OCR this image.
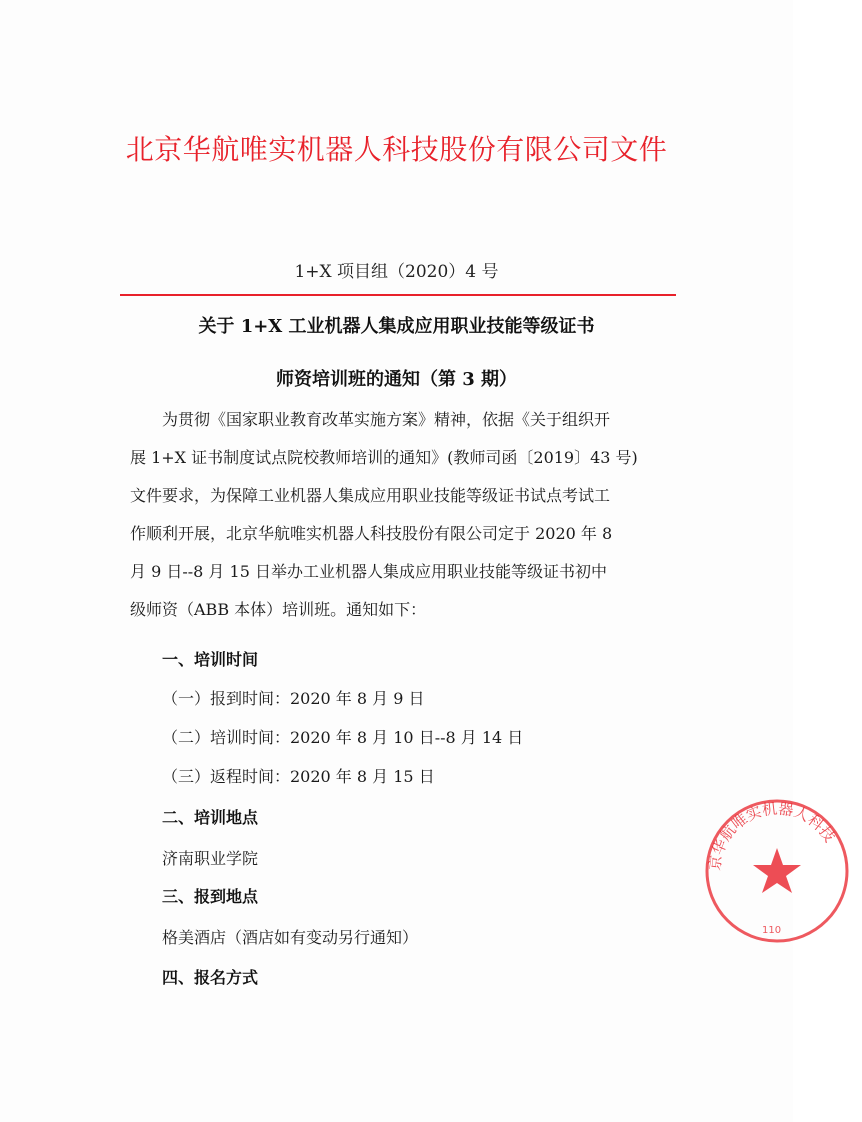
北京华航唯实机器人科技股份有限公司文件
1+X 项目组（2020）4 号
关于 1+X 工业机器人集成应用职业技能等级证书
师资培训班的通知（第 3 期）
为贯彻《国家职业教育改革实施方案》精神，依据《关于组织开
展 1+X 证书制度试点院校教师培训的通知》(教师司函〔2019〕43 号)
文件要求，为保障工业机器人集成应用职业技能等级证书试点考试工
作顺利开展，北京华航唯实机器人科技股份有限公司定于 2020 年 8
月 9 日--8 月 15 日举办工业机器人集成应用职业技能等级证书初中
级师资（ABB 本体）培训班。通知如下：
一、培训时间
（一）报到时间：2020 年 8 月 9 日
（二）培训时间：2020 年 8 月 10 日--8 月 14 日
（三）返程时间：2020 年 8 月 15 日
二、培训地点
济南职业学院
三、报到地点
格美酒店（酒店如有变动另行通知）
四、报名方式
京华航唯实机器人科技
110
